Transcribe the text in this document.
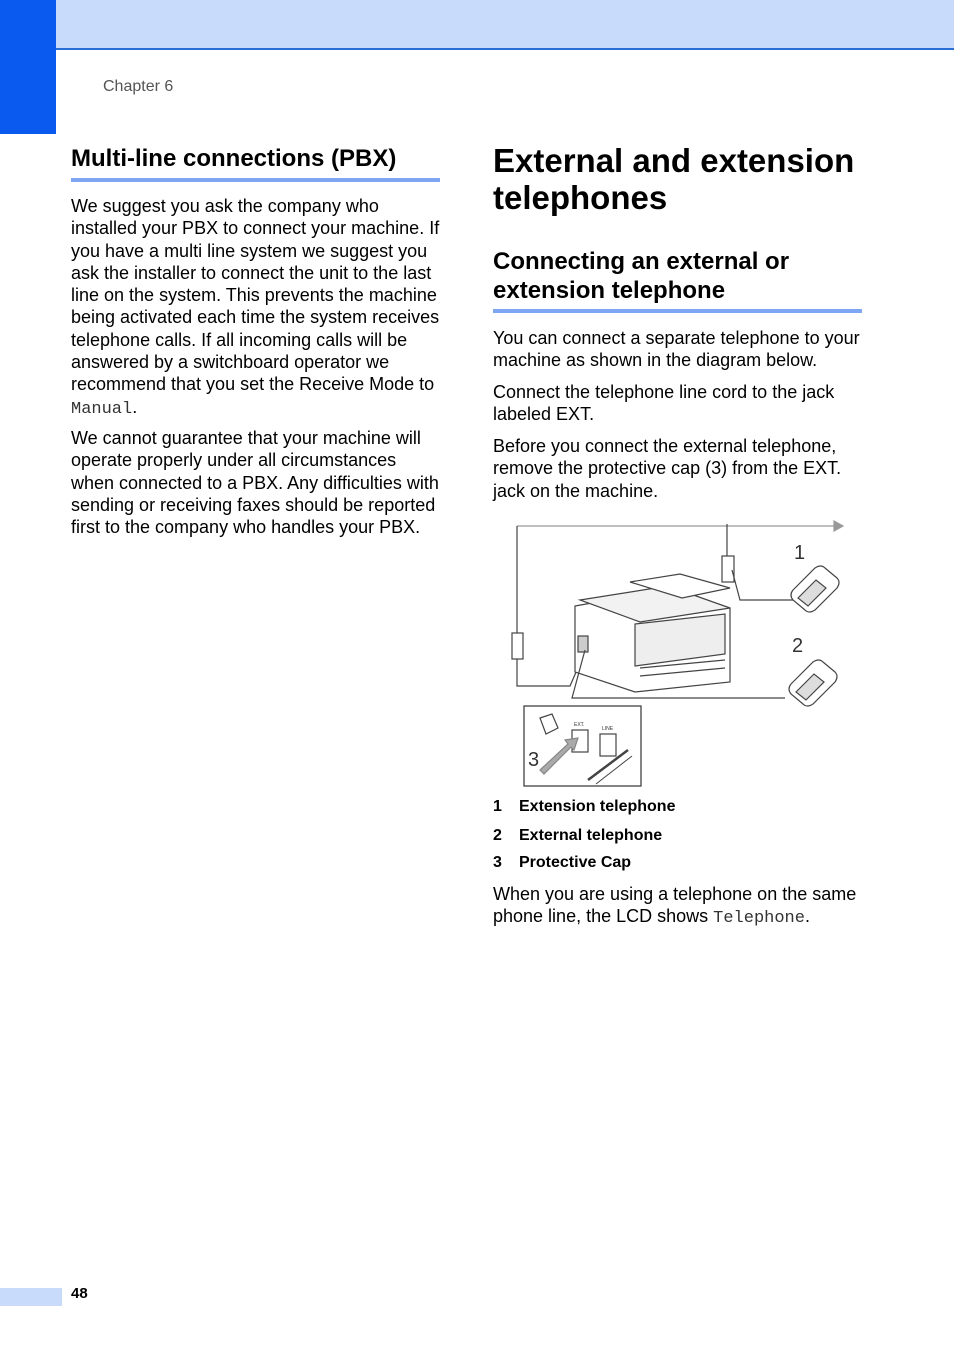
Chapter 6
Multi-line connections (PBX)

We suggest you ask the company who installed your PBX to connect your machine. If you have a multi line system we suggest you ask the installer to connect the unit to the last line on the system. This prevents the machine being activated each time the system receives telephone calls. If all incoming calls will be answered by a switchboard operator we recommend that you set the Receive Mode to Manual.

We cannot guarantee that your machine will operate properly under all circumstances when connected to a PBX. Any difficulties with sending or receiving faxes should be reported first to the company who handles your PBX.

External and extension telephones
Connecting an external or extension telephone

You can connect a separate telephone to your machine as shown in the diagram below.

Connect the telephone line cord to the jack labeled EXT.

Before you connect the external telephone, remove the protective cap (3) from the EXT. jack on the machine.

1
2
3
EXT.
LINE
1 Extension telephone
2 External telephone
3 Protective Cap

When you are using a telephone on the same phone line, the LCD shows Telephone.

48
